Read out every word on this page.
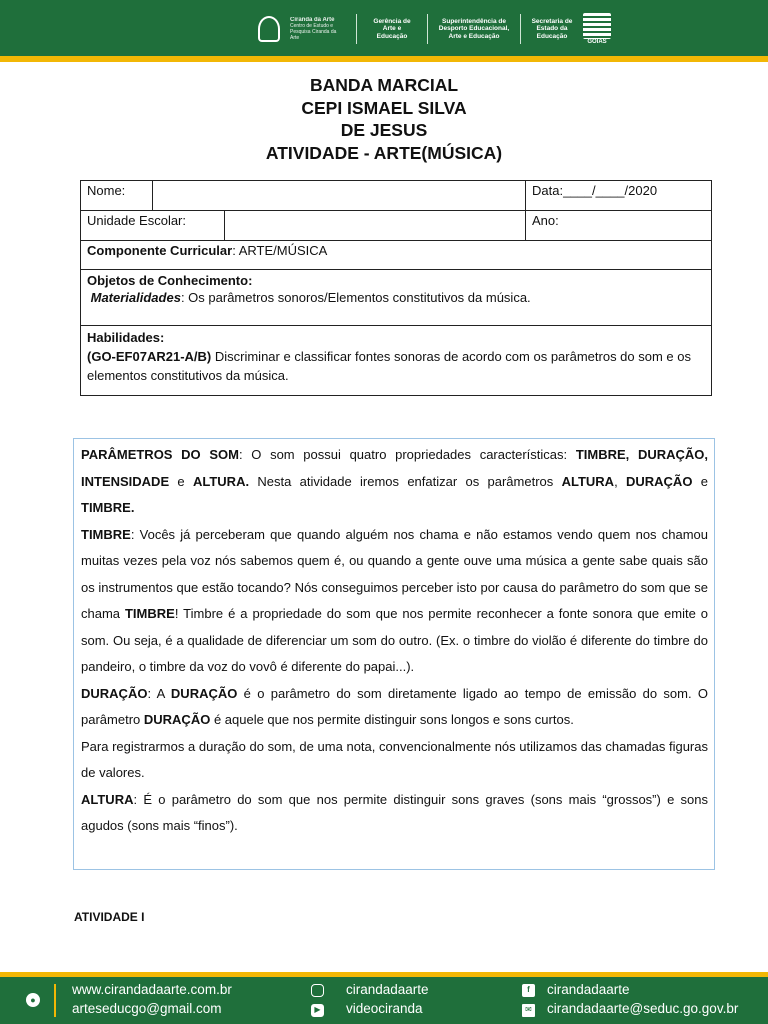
Ciranda da Arte
Centro de Estudo e Pesquisa Ciranda da Arte
Gerência de Arte e Educação
Superintendência de Desporto Educacional, Arte e Educação
Secretaria de Estado da Educação
GOIÁS
BANDA MARCIAL
CEPI ISMAEL SILVA
DE JESUS
ATIVIDADE - ARTE(MÚSICA)
Nome:	Data:____/____/2020
Unidade Escolar:	Ano:
Componente Curricular: ARTE/MÚSICA
Objetos de Conhecimento:
Materialidades: Os parâmetros sonoros/Elementos constitutivos da música.
Habilidades:
(GO-EF07AR21-A/B) Discriminar e classificar fontes sonoras de acordo com os parâmetros do som e os elementos constitutivos da música.

PARÂMETROS DO SOM: O som possui quatro propriedades características: TIMBRE, DURAÇÃO, INTENSIDADE e ALTURA. Nesta atividade iremos enfatizar os parâmetros ALTURA, DURAÇÃO e TIMBRE.

TIMBRE: Vocês já perceberam que quando alguém nos chama e não estamos vendo quem nos chamou muitas vezes pela voz nós sabemos quem é, ou quando a gente ouve uma música a gente sabe quais são os instrumentos que estão tocando? Nós conseguimos perceber isto por causa do parâmetro do som que se chama TIMBRE! Timbre é a propriedade do som que nos permite reconhecer a fonte sonora que emite o som. Ou seja, é a qualidade de diferenciar um som do outro. (Ex. o timbre do violão é diferente do timbre do pandeiro, o timbre da voz do vovô é diferente do papai...).

DURAÇÃO: A DURAÇÃO é o parâmetro do som diretamente ligado ao tempo de emissão do som. O parâmetro DURAÇÃO é aquele que nos permite distinguir sons longos e sons curtos.

Para registrarmos a duração do som, de uma nota, convencionalmente nós utilizamos das chamadas figuras de valores.

ALTURA: É o parâmetro do som que nos permite distinguir sons graves (sons mais “grossos”) e sons agudos (sons mais “finos”).

ATIVIDADE I
●
www.cirandadaarte.com.br
arteseducgo@gmail.com
cirandadaarte
▶ videociranda
f	cirandadaarte
✉ cirandadaarte@seduc.go.gov.br
